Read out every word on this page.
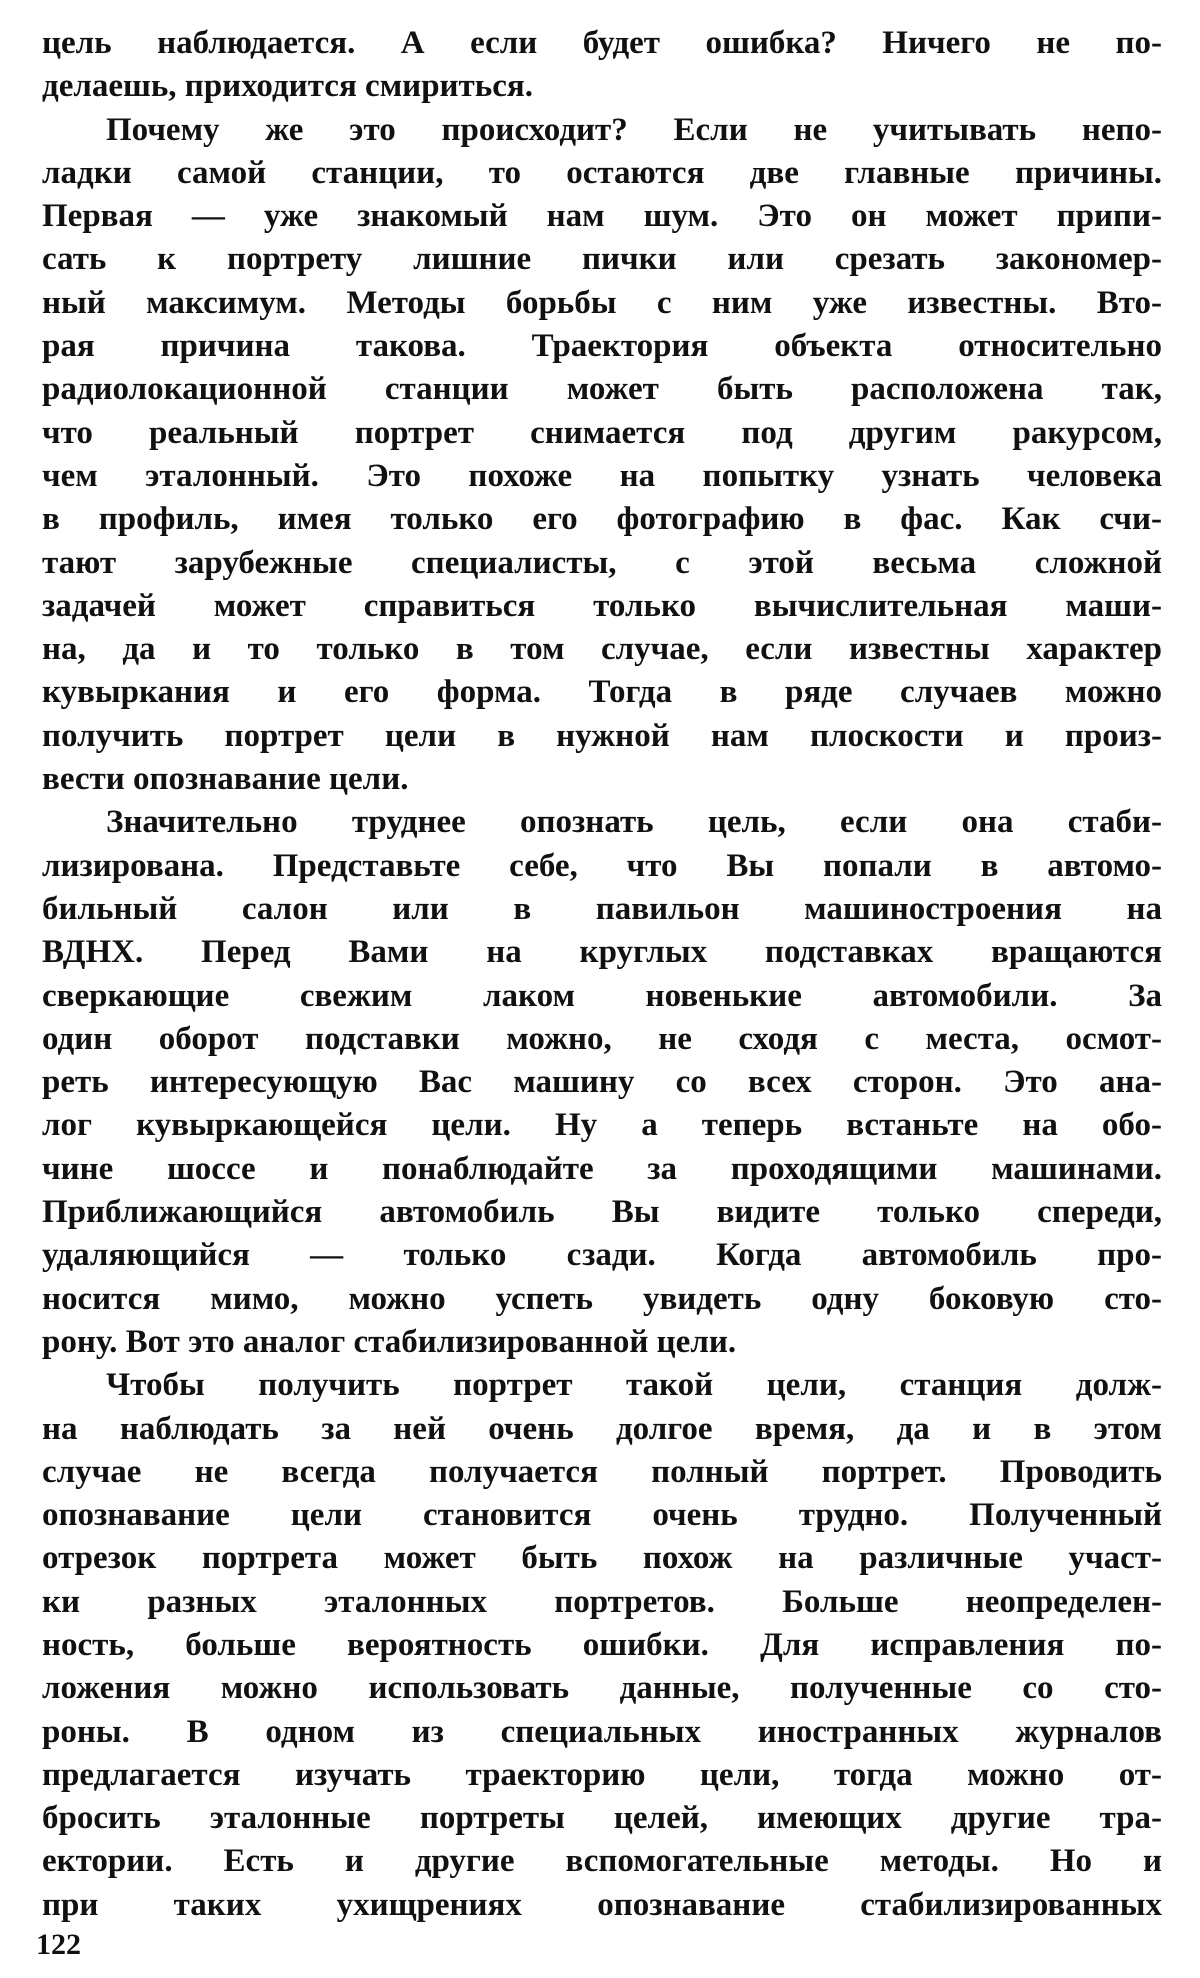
цель наблюдается. А если будет ошибка? Ничего не по-
делаешь, приходится смириться.

Почему же это происходит? Если не учитывать непо-
ладки самой станции, то остаются две главные причины.
Первая — уже знакомый нам шум. Это он может припи-
сать к портрету лишние пички или срезать закономер-
ный максимум. Методы борьбы с ним уже известны. Вто-
рая причина такова. Траектория объекта относительно
радиолокационной станции может быть расположена так,
что реальный портрет снимается под другим ракурсом,
чем эталонный. Это похоже на попытку узнать человека
в профиль, имея только его фотографию в фас. Как счи-
тают зарубежные специалисты, с этой весьма сложной
задачей может справиться только вычислительная маши-
на, да и то только в том случае, если известны характер
кувыркания и его форма. Тогда в ряде случаев можно
получить портрет цели в нужной нам плоскости и произ-
вести опознавание цели.

Значительно труднее опознать цель, если она стаби-
лизирована. Представьте себе, что Вы попали в автомо-
бильный салон или в павильон машиностроения на
ВДНХ. Перед Вами на круглых подставках вращаются
сверкающие свежим лаком новенькие автомобили. За
один оборот подставки можно, не сходя с места, осмот-
реть интересующую Вас машину со всех сторон. Это ана-
лог кувыркающейся цели. Ну а теперь встаньте на обо-
чине шоссе и понаблюдайте за проходящими машинами.
Приближающийся автомобиль Вы видите только спереди,
удаляющийся — только сзади. Когда автомобиль про-
носится мимо, можно успеть увидеть одну боковую сто-
рону. Вот это аналог стабилизированной цели.

Чтобы получить портрет такой цели, станция долж-
на наблюдать за ней очень долгое время, да и в этом
случае не всегда получается полный портрет. Проводить
опознавание цели становится очень трудно. Полученный
отрезок портрета может быть похож на различные участ-
ки разных эталонных портретов. Больше неопределен-
ность, больше вероятность ошибки. Для исправления по-
ложения можно использовать данные, полученные со сто-
роны. В одном из специальных иностранных журналов
предлагается изучать траекторию цели, тогда можно от-
бросить эталонные портреты целей, имеющих другие тра-
ектории. Есть и другие вспомогательные методы. Но и
при таких ухищрениях опознавание стабилизированных

122
